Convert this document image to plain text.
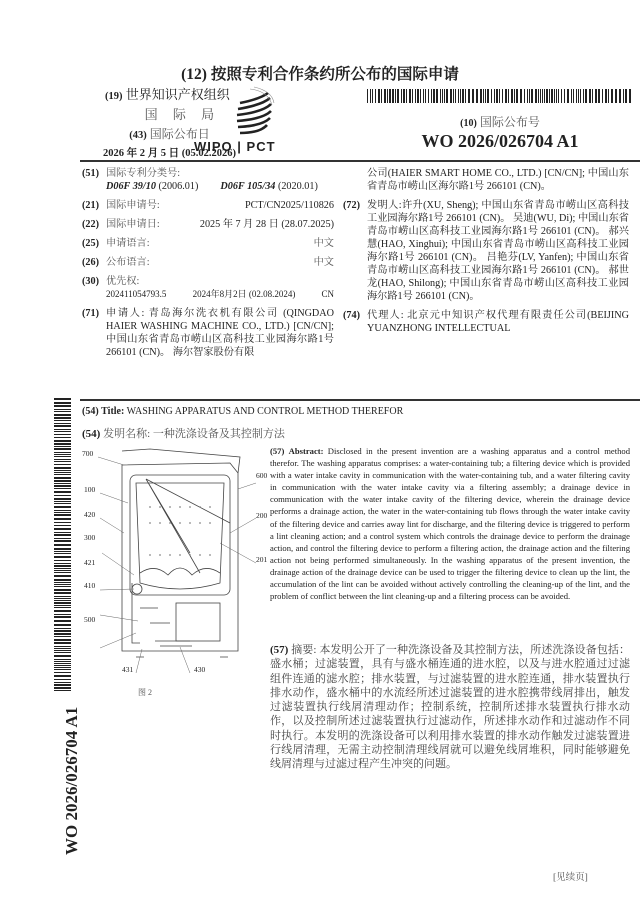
(12) 按照专利合作条约所公布的国际申请
(19) 世界知识产权组织
国 际 局
(43) 国际公布日
2026 年 2 月 5 日 (05.02.2026)
WIPO | PCT
(10) 国际公布号
WO 2026/026704 A1
(51) 国际专利分类号:
D06F 39/10 (2006.01) D06F 105/34 (2020.01)
(21) 国际申请号:	PCT/CN2025/110826
(22) 国际申请日:	2025 年 7 月 28 日 (28.07.2025)
(25) 申请语言:	中文
(26) 公布语言:	中文
(30) 优先权:
202411054793.5	2024年8月2日 (02.08.2024)	CN
(71) 申请人: 青岛海尔洗衣机有限公司 (QINGDAO HAIER WASHING MACHINE CO., LTD.) [CN/CN]; 中国山东省青岛市崂山区高科技工业园海尔路1号 266101 (CN)。 海尔智家股份有限
公司(HAIER SMART HOME CO., LTD.) [CN/CN]; 中国山东省青岛市崂山区海尔路1号 266101 (CN)。
(72) 发明人:许升(XU, Sheng); 中国山东省青岛市崂山区高科技工业园海尔路1号 266101 (CN)。 吴迪(WU, Di); 中国山东省青岛市崂山区高科技工业园海尔路1号 266101 (CN)。 郝兴慧(HAO, Xinghui); 中国山东省青岛市崂山区高科技工业园海尔路1号 266101 (CN)。 吕艳芬(LV, Yanfen); 中国山东省青岛市崂山区高科技工业园海尔路1号 266101 (CN)。 郝世龙(HAO, Shilong); 中国山东省青岛市崂山区高科技工业园海尔路1号 266101 (CN)。
(74) 代理人: 北京元中知识产权代理有限责任公司(BEIJING YUANZHONG INTELLECTUAL
(54) Title: WASHING APPARATUS AND CONTROL METHOD THEREFOR
(54) 发明名称: 一种洗涤设备及其控制方法
(57) Abstract: Disclosed in the present invention are a washing apparatus and a control method therefor. The washing apparatus comprises: a water-containing tub; a filtering device which is provided with a water intake cavity in communication with the water-containing tub, and a water filtering cavity in communication with the water intake cavity via a filtering assembly; a drainage device in communication with the water intake cavity of the filtering device, wherein the drainage device performs a drainage action, the water in the water-containing tub flows through the water intake cavity of the filtering device and carries away lint for discharge, and the filtering device is triggered to perform a lint cleaning action; and a control system which controls the drainage device to perform the drainage action, and control the filtering device to perform a filtering action, the drainage action and the filtering action not being performed simultaneously. In the washing apparatus of the present invention, the drainage action of the drainage device can be used to trigger the filtering device to clean up the lint, the accumulation of the lint can be avoided without actively controlling the cleaning-up of the lint, and the problem of conflict between the lint cleaning-up and a filtering process can be avoided.
(57) 摘要: 本发明公开了一种洗涤设备及其控制方法，所述洗涤设备包括：盛水桶；过滤装置，具有与盛水桶连通的进水腔，以及与进水腔通过过滤组件连通的滤水腔；排水装置，与过滤装置的进水腔连通，排水装置执行排水动作，盛水桶中的水流经所述过滤装置的进水腔携带线屑排出，触发过滤装置执行线屑清理动作；控制系统，控制所述排水装置执行排水动作，以及控制所述过滤装置执行过滤动作，所述排水动作和过滤动作不同时执行。本发明的洗涤设备可以利用排水装置的排水动作触发过滤装置进行线屑清理，无需主动控制清理线屑就可以避免线屑堆积，同时能够避免线屑清理与过滤过程产生冲突的问题。
700
100
420
300
421
410
500
431	430
600
200
201
图 2
WO 2026/026704 A1
[见续页]
